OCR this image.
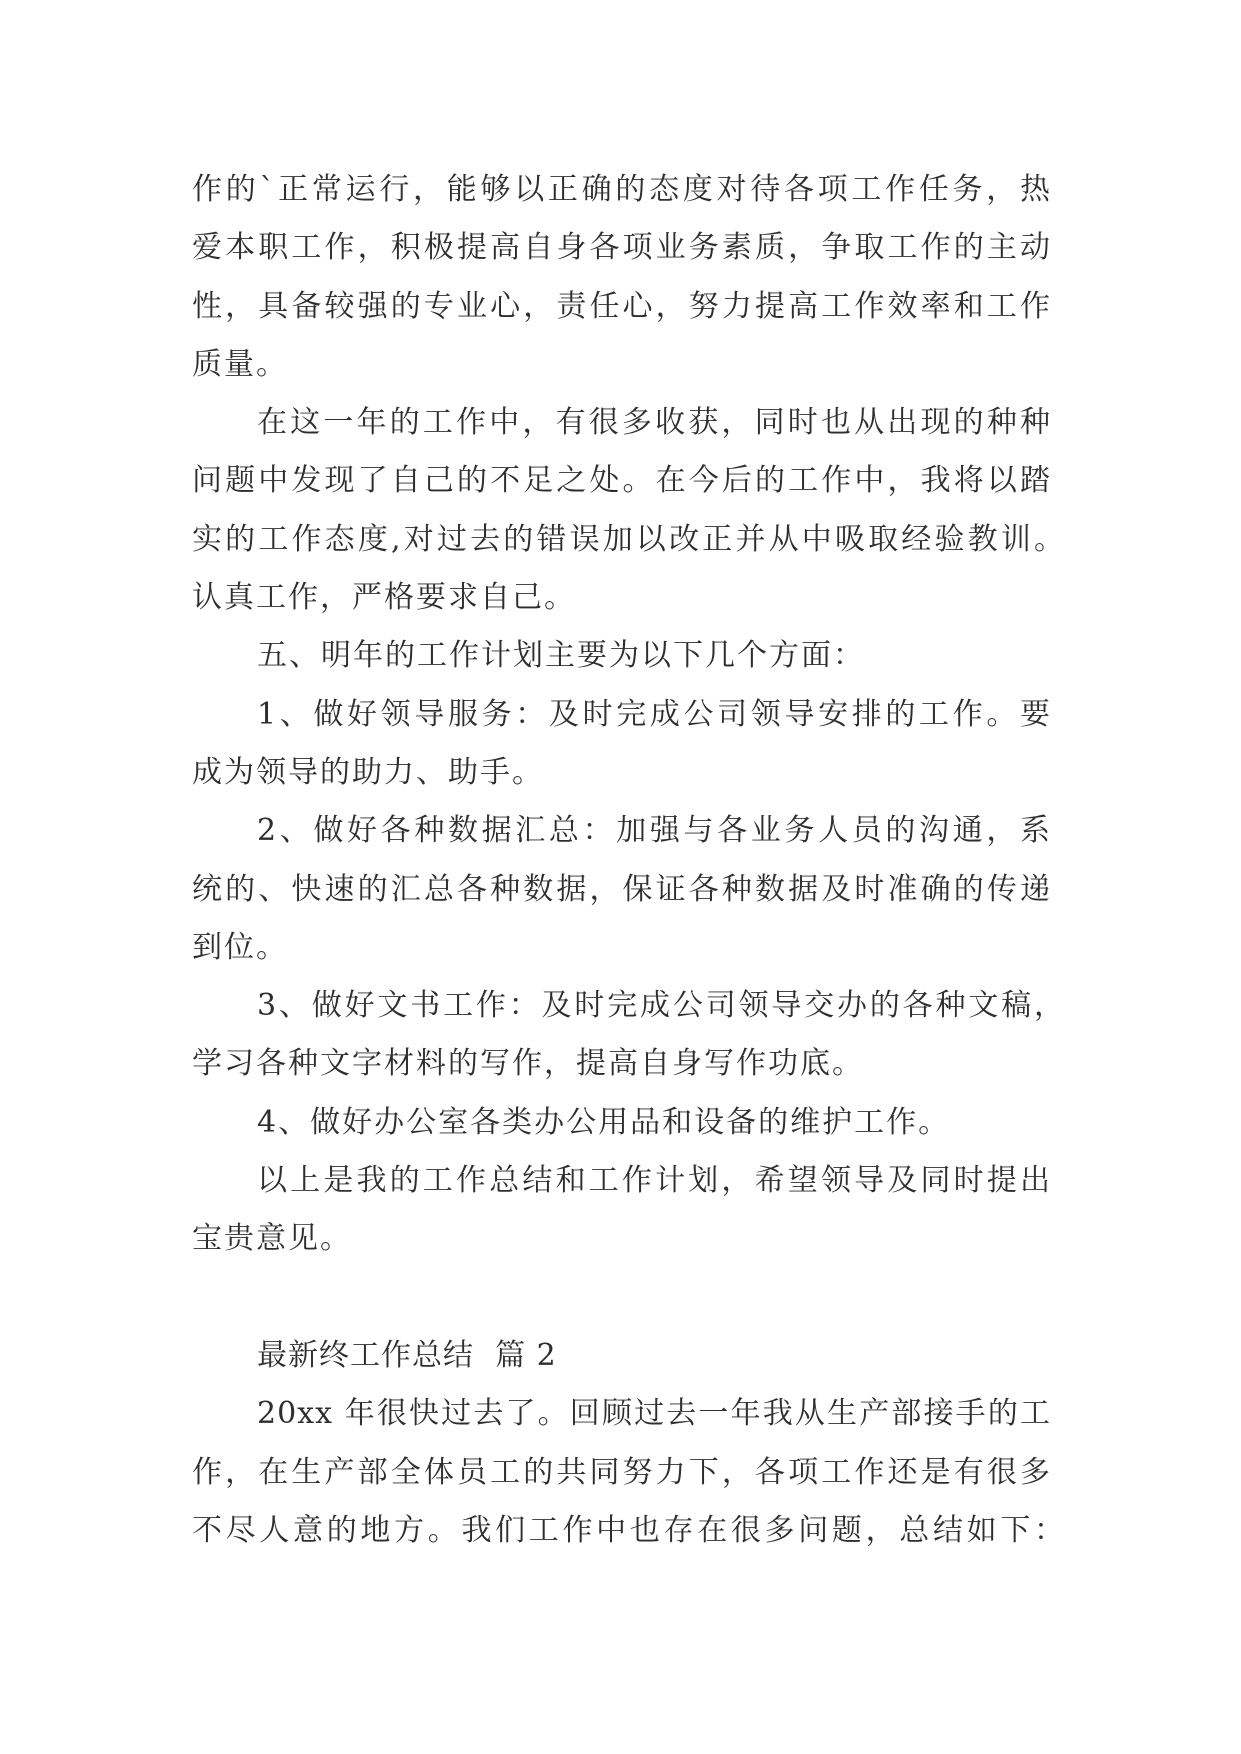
作的`正常运行，能够以正确的态度对待各项工作任务，热
爱本职工作，积极提高自身各项业务素质，争取工作的主动
性，具备较强的专业心，责任心，努力提高工作效率和工作
质量。
在这一年的工作中，有很多收获，同时也从出现的种种
问题中发现了自己的不足之处。在今后的工作中，我将以踏
实的工作态度,对过去的错误加以改正并从中吸取经验教训。
认真工作，严格要求自己。
五、明年的工作计划主要为以下几个方面：
1、做好领导服务：及时完成公司领导安排的工作。要
成为领导的助力、助手。
2、做好各种数据汇总：加强与各业务人员的沟通，系
统的、快速的汇总各种数据，保证各种数据及时准确的传递
到位。
3、做好文书工作：及时完成公司领导交办的各种文稿，
学习各种文字材料的写作，提高自身写作功底。
4、做好办公室各类办公用品和设备的维护工作。
以上是我的工作总结和工作计划，希望领导及同时提出
宝贵意见。
最新终工作总结  篇 2
20xx 年很快过去了。回顾过去一年我从生产部接手的工
作，在生产部全体员工的共同努力下，各项工作还是有很多
不尽人意的地方。我们工作中也存在很多问题，总结如下：
